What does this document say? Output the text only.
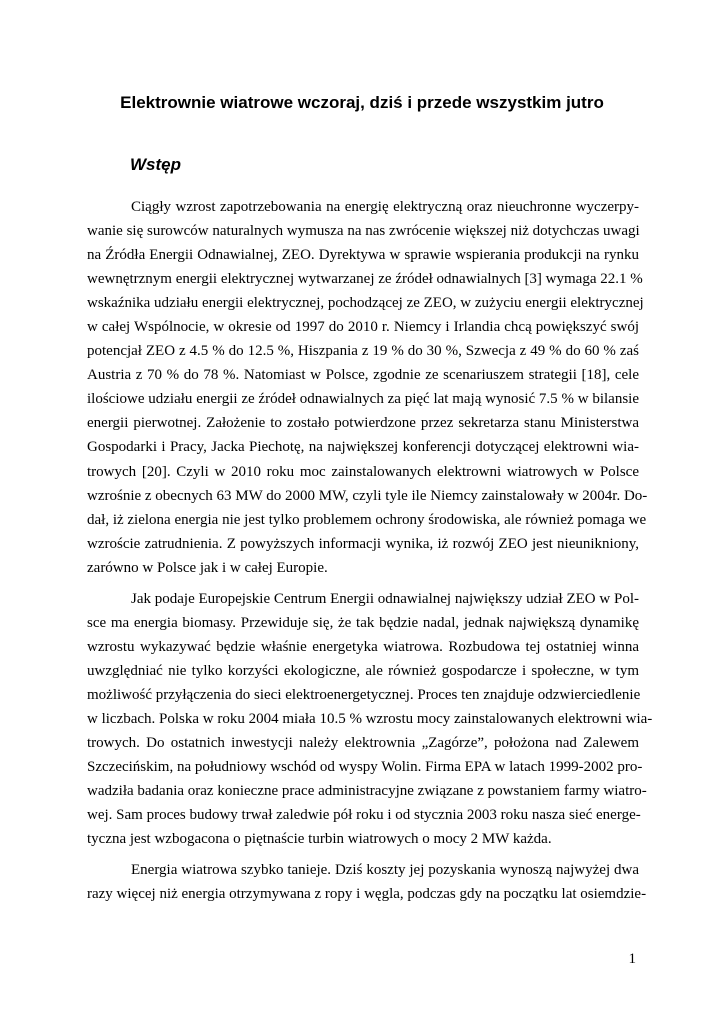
Elektrownie wiatrowe wczoraj, dziś i przede wszystkim jutro
Wstęp

Ciągły wzrost zapotrzebowania na energię elektryczną oraz nieuchronne wyczerpy-
wanie się surowców naturalnych wymusza na nas zwrócenie większej niż dotychczas uwagi
na Źródła Energii Odnawialnej, ZEO. Dyrektywa w sprawie wspierania produkcji na rynku
wewnętrznym energii elektrycznej wytwarzanej ze źródeł odnawialnych [3] wymaga 22.1 %
wskaźnika udziału energii elektrycznej, pochodzącej ze ZEO, w zużyciu energii elektrycznej
w całej Wspólnocie, w okresie od 1997 do 2010 r. Niemcy i Irlandia chcą powiększyć swój
potencjał ZEO z 4.5 % do 12.5 %, Hiszpania z 19 % do 30 %, Szwecja z 49 % do 60 % zaś
Austria z 70 % do 78 %. Natomiast w Polsce, zgodnie ze scenariuszem strategii [18], cele
ilościowe udziału energii ze źródeł odnawialnych za pięć lat mają wynosić 7.5 % w bilansie
energii pierwotnej. Założenie to zostało potwierdzone przez sekretarza stanu Ministerstwa
Gospodarki i Pracy, Jacka Piechotę, na największej konferencji dotyczącej elektrowni wia-
trowych [20]. Czyli w 2010 roku moc zainstalowanych elektrowni wiatrowych w Polsce
wzrośnie z obecnych 63 MW do 2000 MW, czyli tyle ile Niemcy zainstalowały w 2004r. Do-
dał, iż zielona energia nie jest tylko problemem ochrony środowiska, ale również pomaga we
wzroście zatrudnienia. Z powyższych informacji wynika, iż rozwój ZEO jest nieunikniony,
zarówno w Polsce jak i w całej Europie.

Jak podaje Europejskie Centrum Energii odnawialnej największy udział ZEO w Pol-
sce ma energia biomasy. Przewiduje się, że tak będzie nadal, jednak największą dynamikę
wzrostu wykazywać będzie właśnie energetyka wiatrowa. Rozbudowa tej ostatniej winna
uwzględniać nie tylko korzyści ekologiczne, ale również gospodarcze i społeczne, w tym
możliwość przyłączenia do sieci elektroenergetycznej. Proces ten znajduje odzwierciedlenie
w liczbach. Polska w roku 2004 miała 10.5 % wzrostu mocy zainstalowanych elektrowni wia-
trowych. Do ostatnich inwestycji należy elektrownia „Zagórze”, położona nad Zalewem
Szczecińskim, na południowy wschód od wyspy Wolin. Firma EPA w latach 1999-2002 pro-
wadziła badania oraz konieczne prace administracyjne związane z powstaniem farmy wiatro-
wej. Sam proces budowy trwał zaledwie pół roku i od stycznia 2003 roku nasza sieć energe-
tyczna jest wzbogacona o piętnaście turbin wiatrowych o mocy 2 MW każda.

Energia wiatrowa szybko tanieje. Dziś koszty jej pozyskania wynoszą najwyżej dwa
razy więcej niż energia otrzymywana z ropy i węgla, podczas gdy na początku lat osiemdzie-

1
